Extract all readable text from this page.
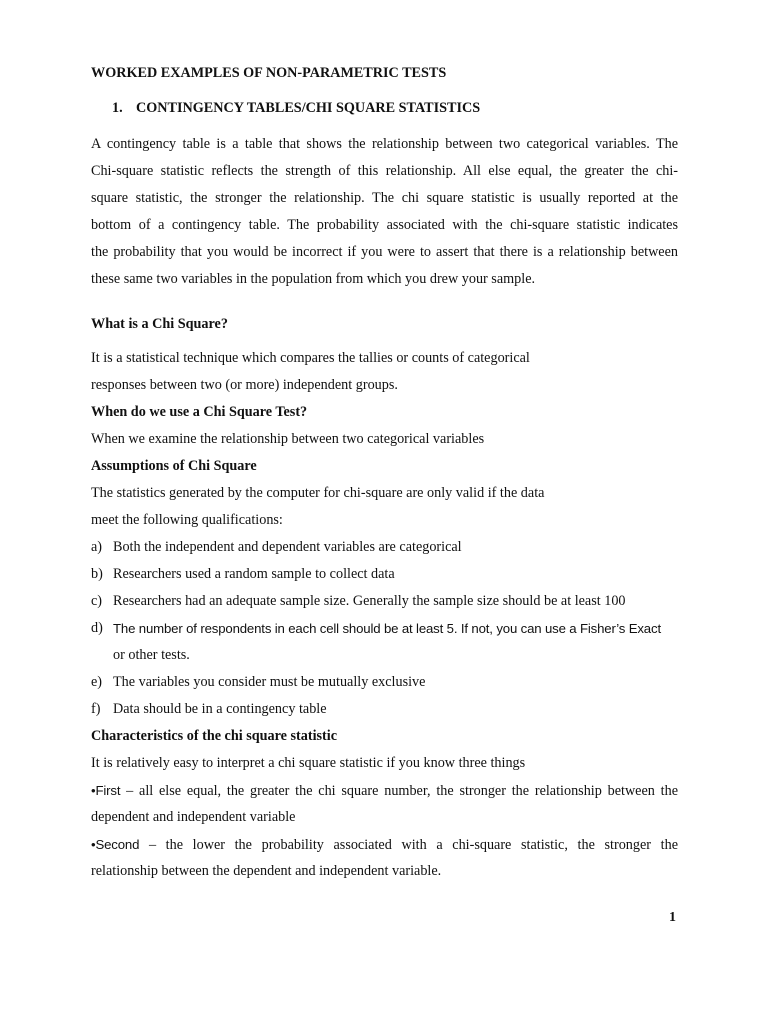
WORKED EXAMPLES OF NON-PARAMETRIC TESTS

1. CONTINGENCY TABLES/CHI SQUARE STATISTICS

A contingency table is a table that shows the relationship between two categorical variables. The
Chi-square statistic reflects the strength of this relationship. All else equal, the greater the chi-
square statistic, the stronger the relationship. The chi square statistic is usually reported at the
bottom of a contingency table. The probability associated with the chi-square statistic indicates
the probability that you would be incorrect if you were to assert that there is a relationship between
these same two variables in the population from which you drew your sample.

What is a Chi Square?

It is a statistical technique which compares the tallies or counts of categorical
responses between two (or more) independent groups.
When do we use a Chi Square Test?
When we examine the relationship between two categorical variables
Assumptions of Chi Square
The statistics generated by the computer for chi-square are only valid if the data
meet the following qualifications:
a) Both the independent and dependent variables are categorical
b) Researchers used a random sample to collect data
c) Researchers had an adequate sample size. Generally the sample size should be at least 100
d) The number of respondents in each cell should be at least 5. If not, you can use a Fisher’s Exact
or other tests.
e) The variables you consider must be mutually exclusive
f) Data should be in a contingency table
Characteristics of the chi square statistic
It is relatively easy to interpret a chi square statistic if you know three things
•First – all else equal, the greater the chi square number, the stronger the relationship between the
dependent and independent variable
•Second – the lower the probability associated with a chi-square statistic, the stronger the
relationship between the dependent and independent variable.
1
